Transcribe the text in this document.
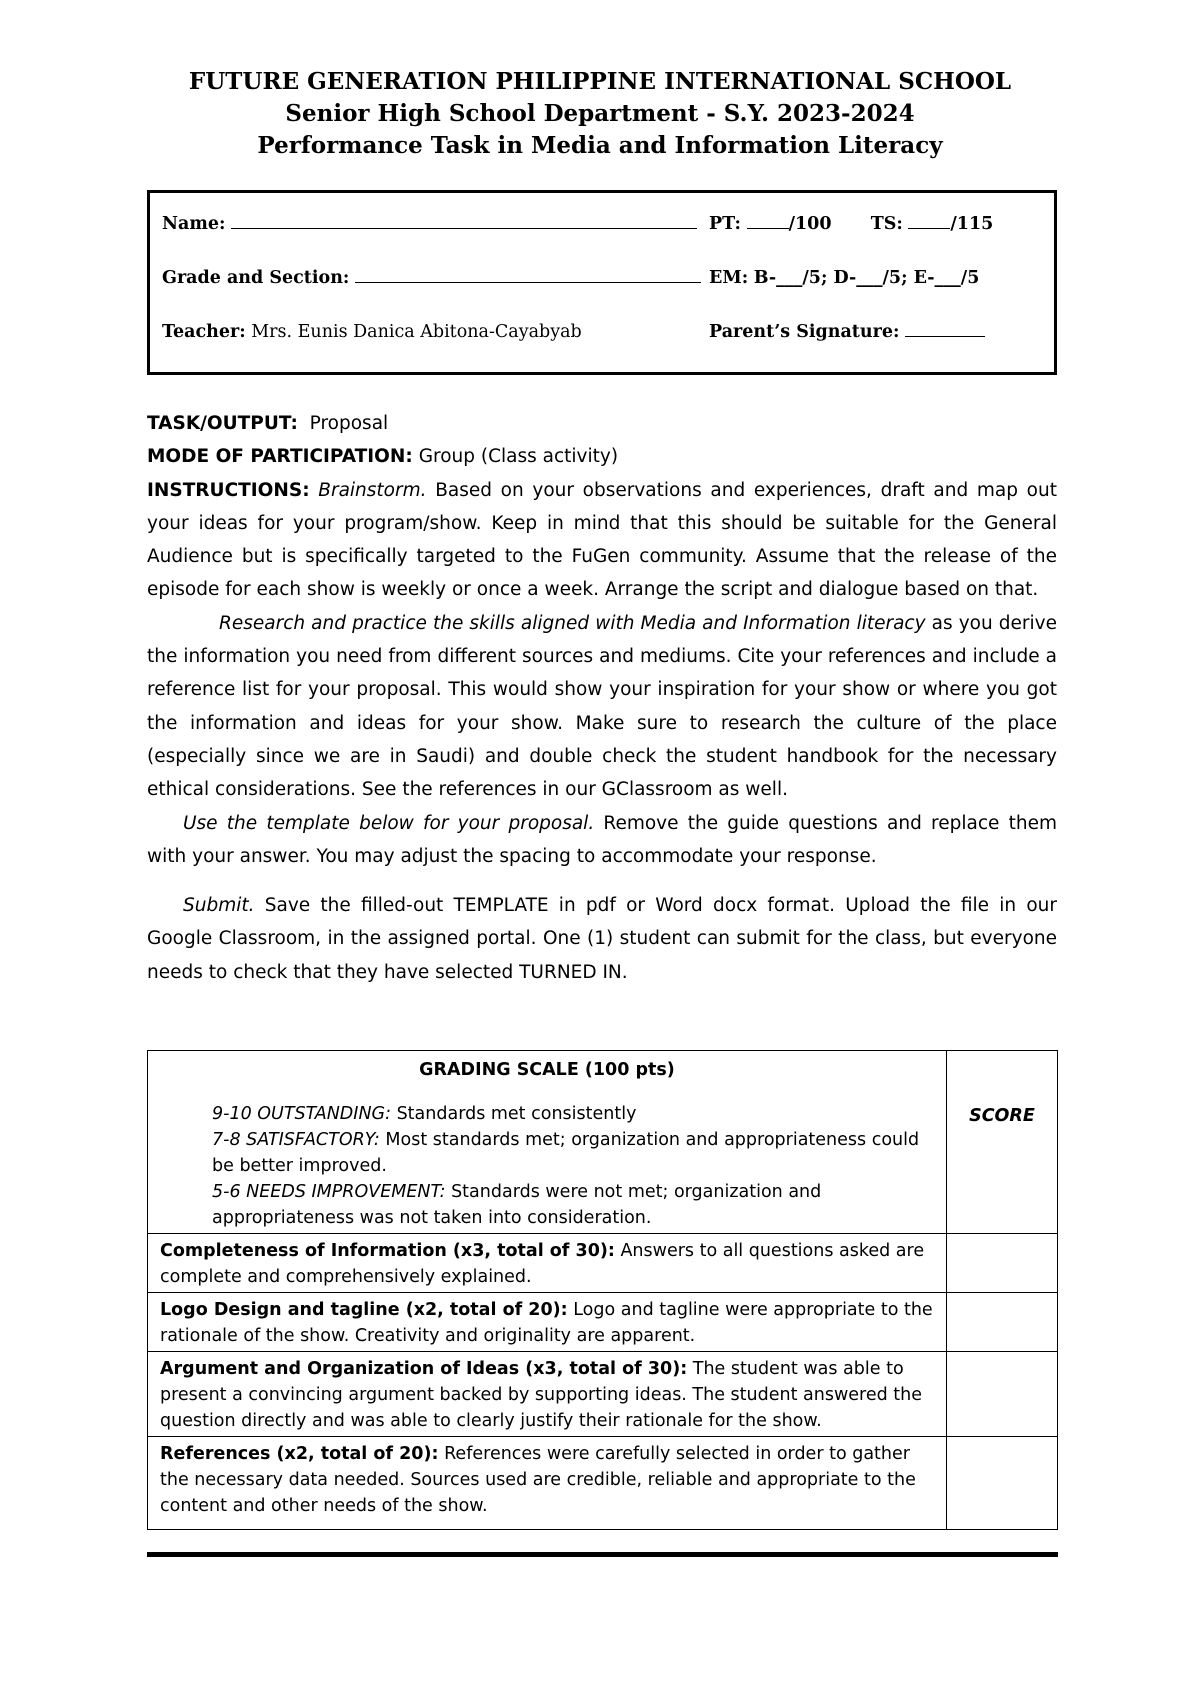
FUTURE GENERATION PHILIPPINE INTERNATIONAL SCHOOL
Senior High School Department - S.Y. 2023-2024
Performance Task in Media and Information Literacy
Name:	PT:	/100 TS:	/115
Grade and Section:	EM: B-___/5; D-___/5; E-___/5
Teacher: Mrs. Eunis Danica Abitona-Cayabyab	Parent’s Signature:

TASK/OUTPUT: Proposal

MODE OF PARTICIPATION: Group (Class activity)

INSTRUCTIONS: Brainstorm. Based on your observations and experiences, draft and map out your ideas for your program/show. Keep in mind that this should be suitable for the General Audience but is specifically targeted to the FuGen community. Assume that the release of the episode for each show is weekly or once a week. Arrange the script and dialogue based on that.

Research and practice the skills aligned with Media and Information literacy as you derive the information you need from different sources and mediums. Cite your references and include a reference list for your proposal. This would show your inspiration for your show or where you got the information and ideas for your show. Make sure to research the culture of the place (especially since we are in Saudi) and double check the student handbook for the necessary ethical considerations. See the references in our GClassroom as well.

Use the template below for your proposal. Remove the guide questions and replace them with your answer. You may adjust the spacing to accommodate your response.

Submit. Save the filled-out TEMPLATE in pdf or Word docx format. Upload the file in our Google Classroom, in the assigned portal. One (1) student can submit for the class, but everyone needs to check that they have selected TURNED IN.

GRADING SCALE (100 pts)
9-10 OUTSTANDING: Standards met consistently
7-8 SATISFACTORY: Most standards met; organization and appropriateness could be better improved.
5-6 NEEDS IMPROVEMENT: Standards were not met; organization and appropriateness was not taken into consideration.	SCORE
Completeness of Information (x3, total of 30): Answers to all questions asked are complete and comprehensively explained.	
Logo Design and tagline (x2, total of 20): Logo and tagline were appropriate to the rationale of the show. Creativity and originality are apparent.	
Argument and Organization of Ideas (x3, total of 30): The student was able to present a convincing argument backed by supporting ideas. The student answered the question directly and was able to clearly justify their rationale for the show.	
References (x2, total of 20): References were carefully selected in order to gather the necessary data needed. Sources used are credible, reliable and appropriate to the content and other needs of the show.	
